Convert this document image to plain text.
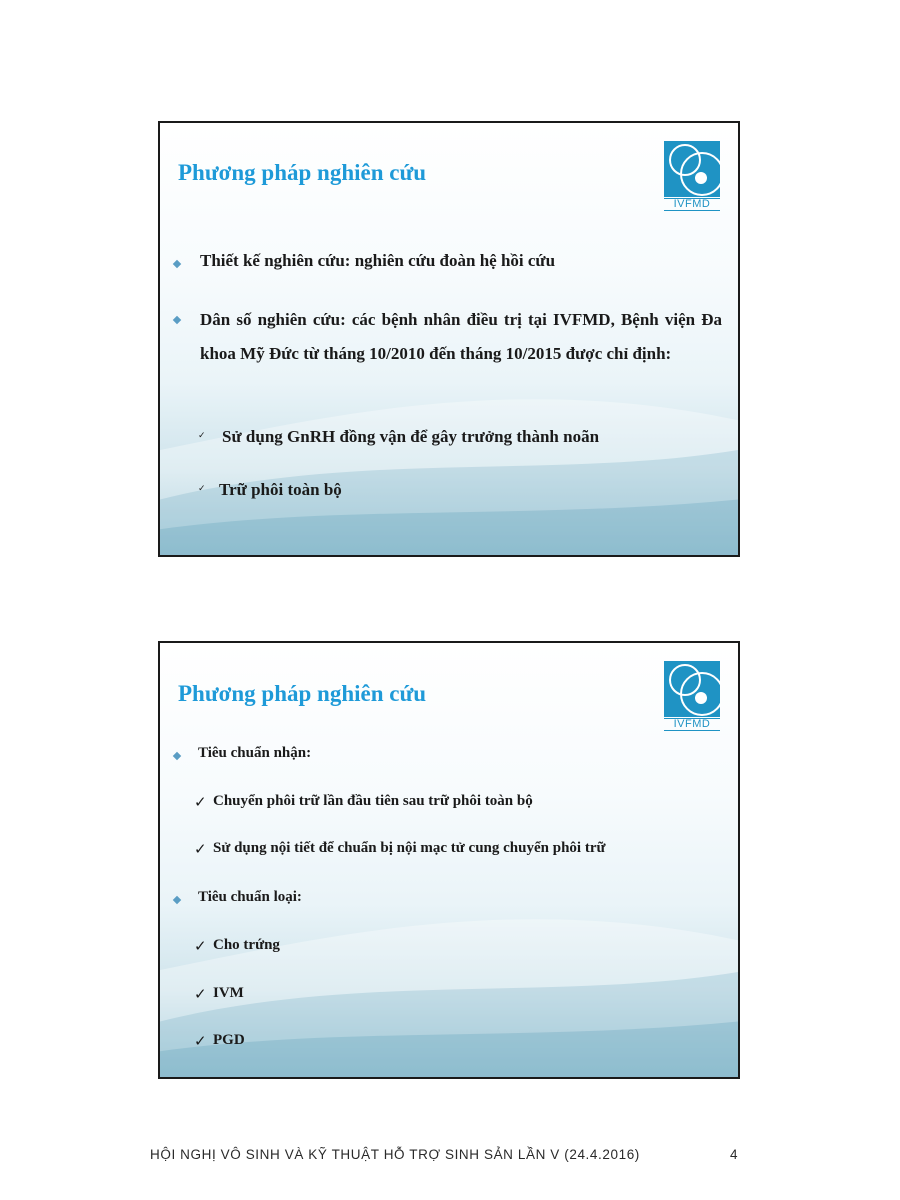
Phương pháp nghiên cứu
IVFMD
Thiết kế nghiên cứu: nghiên cứu đoàn hệ hồi cứu
Dân số nghiên cứu: các bệnh nhân điều trị tại IVFMD, Bệnh viện Đa khoa Mỹ Đức từ tháng 10/2010 đến tháng 10/2015 được chỉ định:
✓ Sử dụng GnRH đồng vận để gây trưởng thành noãn
✓ Trữ phôi toàn bộ
Phương pháp nghiên cứu
IVFMD
Tiêu chuẩn nhận:
✓ Chuyển phôi trữ lần đầu tiên sau trữ phôi toàn bộ
✓ Sử dụng nội tiết để chuẩn bị nội mạc tử cung chuyển phôi trữ
Tiêu chuẩn loại:
✓ Cho trứng
✓ IVM
✓ PGD
HỘI NGHỊ VÔ SINH VÀ KỸ THUẬT HỖ TRỢ SINH SẢN LẦN V (24.4.2016)	4
